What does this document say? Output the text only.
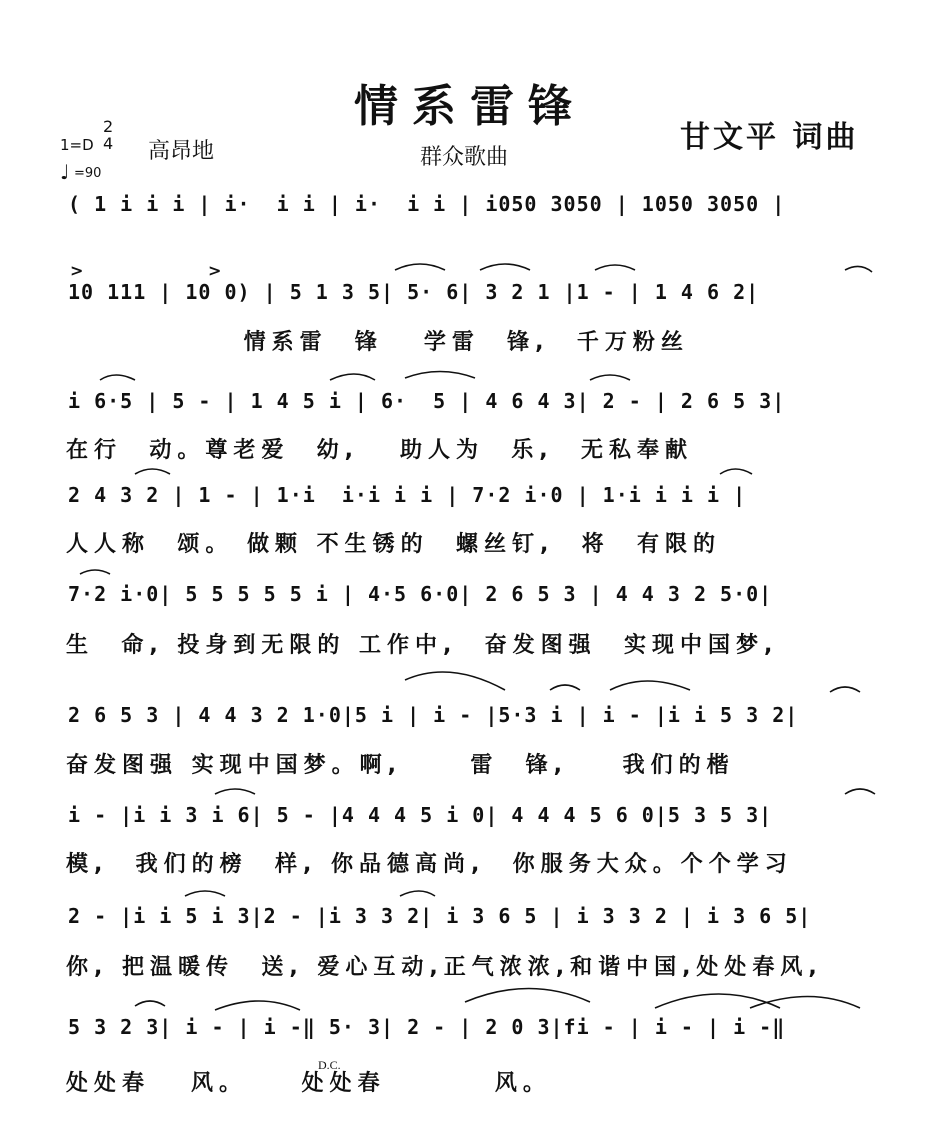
情系雷锋
甘文平 词曲
群众歌曲
1=D
2
4
♩ =90
高昂地
( 1 i i i | i·  i i | i·  i i | i050 3050 | 1050 3050 |
10 111 | 10 0) | 5 1 3 5| 5· 6| 3 2 1 |1 - | 1 4 6 2|
情系雷  锋   学雷  锋,  千万粉丝
i 6·5 | 5 - | 1 4 5 i | 6·  5 | 4 6 4 3| 2 - | 2 6 5 3|
在行  动。尊老爱  幼,   助人为  乐,  无私奉献
2 4 3 2 | 1 - | 1·i  i·i i i | 7·2 i·0 | 1·i i i i |
人人称  颂。 做颗 不生锈的  螺丝钉,  将  有限的
7·2 i·0| 5 5 5 5 5 i | 4·5 6·0| 2 6 5 3 | 4 4 3 2 5·0|
生  命, 投身到无限的 工作中,  奋发图强  实现中国梦,
2 6 5 3 | 4 4 3 2 1·0|5 i | i - |5·3 i | i - |i i 5 3 2|
奋发图强 实现中国梦。啊,     雷  锋,    我们的楷
i - |i i 3 i 6| 5 - |4 4 4 5 i 0| 4 4 4 5 6 0|5 3 5 3|
模,  我们的榜  样, 你品德高尚,  你服务大众。个个学习
2 - |i i 5 i 3|2 - |i 3 3 2| i 3 6 5 | i 3 3 2 | i 3 6 5|
你, 把温暖传  送, 爱心互动,正气浓浓,和谐中国,处处春风,
5 3 2 3| i - | i -‖ 5· 3| 2 - | 2 0 3|fi - | i - | i -‖
处处春   风。    处处春        风。
D.C.
>	>
